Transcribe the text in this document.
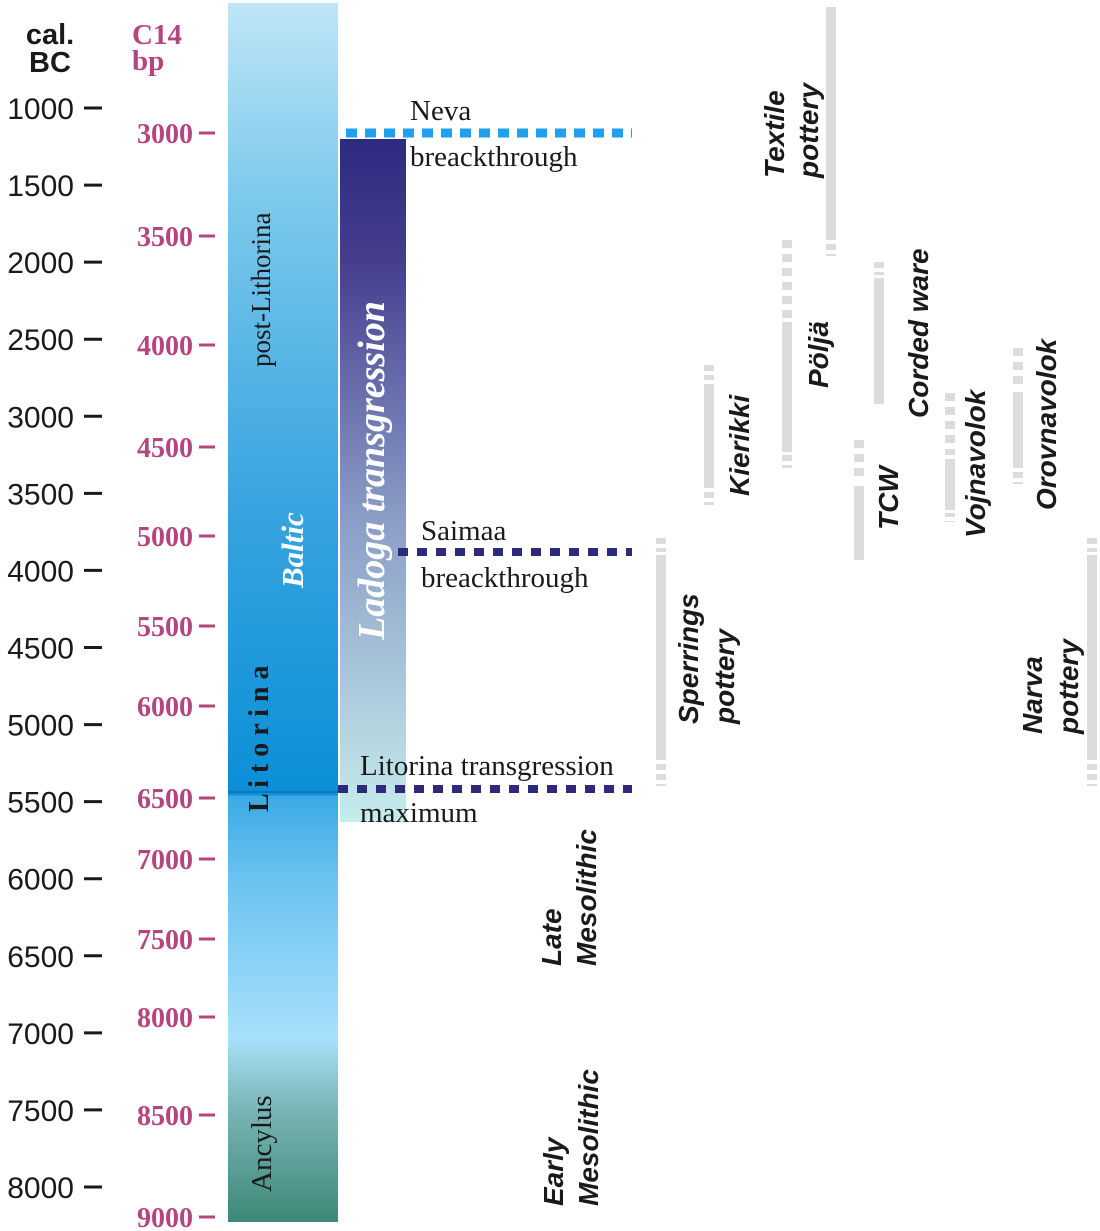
cal.
BC
C14
bp
1000
1500
2000
2500
3000
3500
4000
4500
5000
5500
6000
6500
7000
7500
8000
3000
3500
4000
4500
5000
5500
6000
6500
7000
7500
8000
8500
9000
post-Lithorina
Baltic
L i t o r i n a
Ancylus
Ladoga transgression
Neva
breackthrough
Saimaa
breackthrough
Litorina transgression
maximum
Textile pottery
Pöljä Corded ware
Kierikki
TCW Vojnavolok Orovnavolok
Sperrings pottery	Narva pottery
Late Mesolithic
Early Mesolithic
